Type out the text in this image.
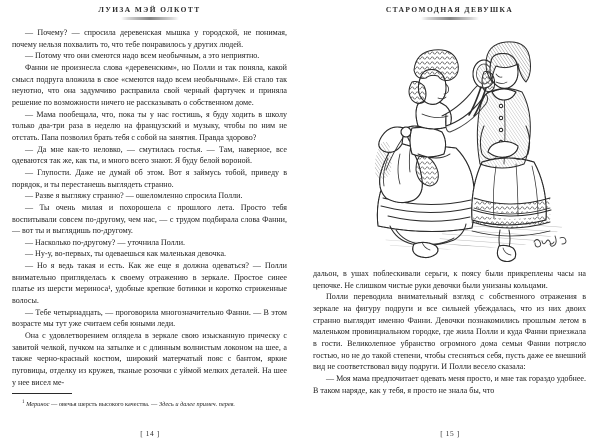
ЛУИЗА МЭЙ ОЛКОТТ

— Почему? — спросила деревенская мышка у городской, не понимая, почему нельзя похвалить то, что тебе понравилось у других людей.

— Потому что они смеются надо всем необычным, а это неприятно.

Фанни не произнесла слова «деревенским», но Полли и так поняла, какой смысл подруга вложила в свое «смеются надо всем необычным». Ей стало так неуютно, что она задумчиво расправила свой черный фартучек и приняла решение по возможности ничего не рассказывать о собственном доме.

— Мама пообещала, что, пока ты у нас гостишь, я буду ходить в школу только два-три раза в неделю на французский и музыку, чтобы по ним не отстать. Папа позволил брать тебя с собой на занятия. Правда здорово?

— Да мне как-то неловко, — смутилась гостья. — Там, наверное, все одеваются так же, как ты, и много всего знают. Я буду белой вороной.

— Глупости. Даже не думай об этом. Вот я займусь тобой, приведу в порядок, и ты перестанешь выглядеть странно.

— Разве я выгляжу странно? — ошеломленно спросила Полли.

— Ты очень милая и похорошела с прошлого лета. Просто тебя воспитывали совсем по-другому, чем нас, — с трудом подбирала слова Фанни, — вот ты и выглядишь по-другому.

— Насколько по-другому? — уточнила Полли.

— Ну-у, во-первых, ты одеваешься как маленькая девочка.

— Но я ведь такая и есть. Как же еще я должна одеваться? — Полли внимательно пригляделась к своему отражению в зеркале. Простое синее платье из шерсти мериноса¹, удобные крепкие ботинки и коротко стриженные волосы.

— Тебе четырнадцать, — проговорила многозначительно Фанни. — В этом возрасте мы тут уже считаем себя юными леди.

Она с удовлетворением оглядела в зеркале свою изысканную прическу с завитой челкой, пучком на затылке и с длинным волнистым локоном на шее, а также черно-красный костюм, широкий матерчатый пояс с бантом, яркие пуговицы, отделку из кружев, тканые розочки с уймой мелких деталей. На шее у нее висел ме-

$^1$ Меринос — овечья шерсть высокого качества. — Здесь и далее примеч. перев.

[ 14 ]
СТАРОМОДНАЯ ДЕВУШКА

дальон, в ушах поблескивали серьги, к поясу были прикреплены часы на цепочке. Не слишком чистые руки девочки были унизаны кольцами.

Полли переводила внимательный взгляд с собственного отражения в зеркале на фигуру подруги и все сильней убеждалась, что из них двоих странно выглядит именно Фанни. Девочки познакомились прошлым летом в маленьком провинциальном городке, где жила Полли и куда Фанни приезжала в гости. Великолепное убранство огромного дома семьи Фанни потрясло гостью, но не до такой степени, чтобы стесняться себя, пусть даже ее внешний вид не соответствовал виду подруги. И Полли весело сказала:

— Моя мама предпочитает одевать меня просто, и мне так гораздо удобнее. В таком наряде, как у тебя, я просто не знала бы, что

[ 15 ]
